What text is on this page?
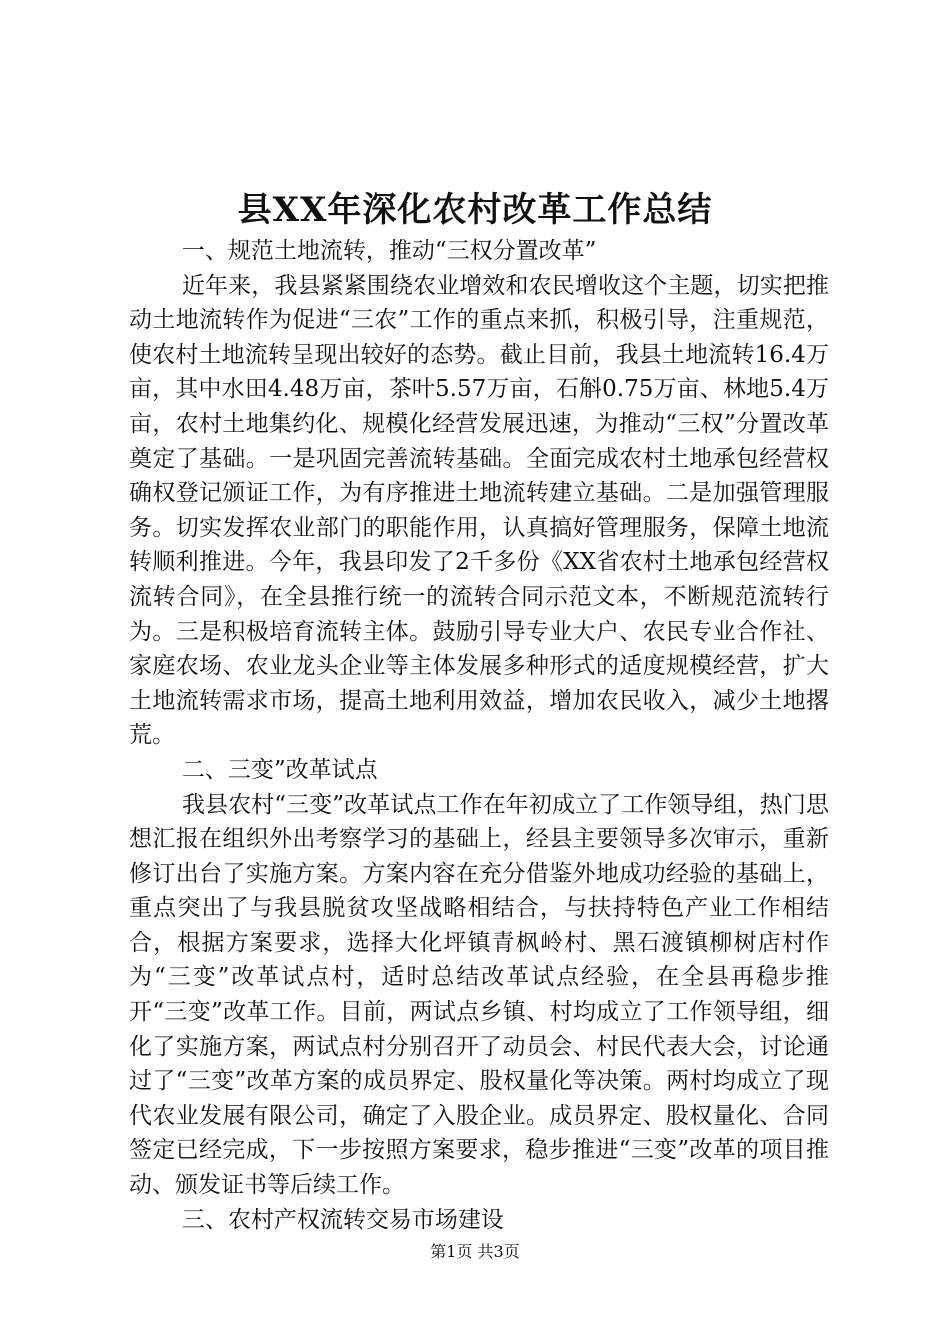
县XX年深化农村改革工作总结

一、规范土地流转，推动“三权分置改革”

近年来，我县紧紧围绕农业增效和农民增收这个主题，切实把推动土地流转作为促进“三农”工作的重点来抓，积极引导，注重规范，使农村土地流转呈现出较好的态势。截止目前，我县土地流转16.4万亩，其中水田4.48万亩，茶叶5.57万亩，石斛0.75万亩、林地5.4万亩，农村土地集约化、规模化经营发展迅速，为推动“三权”分置改革奠定了基础。一是巩固完善流转基础。全面完成农村土地承包经营权确权登记颁证工作，为有序推进土地流转建立基础。二是加强管理服务。切实发挥农业部门的职能作用，认真搞好管理服务，保障土地流转顺利推进。今年，我县印发了2千多份《XX省农村土地承包经营权流转合同》，在全县推行统一的流转合同示范文本，不断规范流转行为。三是积极培育流转主体。鼓励引导专业大户、农民专业合作社、家庭农场、农业龙头企业等主体发展多种形式的适度规模经营，扩大土地流转需求市场，提高土地利用效益，增加农民收入，减少土地撂荒。

二、三变”改革试点

我县农村“三变”改革试点工作在年初成立了工作领导组，热门思想汇报在组织外出考察学习的基础上，经县主要领导多次审示，重新修订出台了实施方案。方案内容在充分借鉴外地成功经验的基础上，重点突出了与我县脱贫攻坚战略相结合，与扶持特色产业工作相结合，根据方案要求，选择大化坪镇青枫岭村、黑石渡镇柳树店村作为“三变”改革试点村，适时总结改革试点经验，在全县再稳步推开“三变”改革工作。目前，两试点乡镇、村均成立了工作领导组，细化了实施方案，两试点村分别召开了动员会、村民代表大会，讨论通过了“三变”改革方案的成员界定、股权量化等决策。两村均成立了现代农业发展有限公司，确定了入股企业。成员界定、股权量化、合同签定已经完成，下一步按照方案要求，稳步推进“三变”改革的项目推动、颁发证书等后续工作。

三、农村产权流转交易市场建设

第1页 共3页
